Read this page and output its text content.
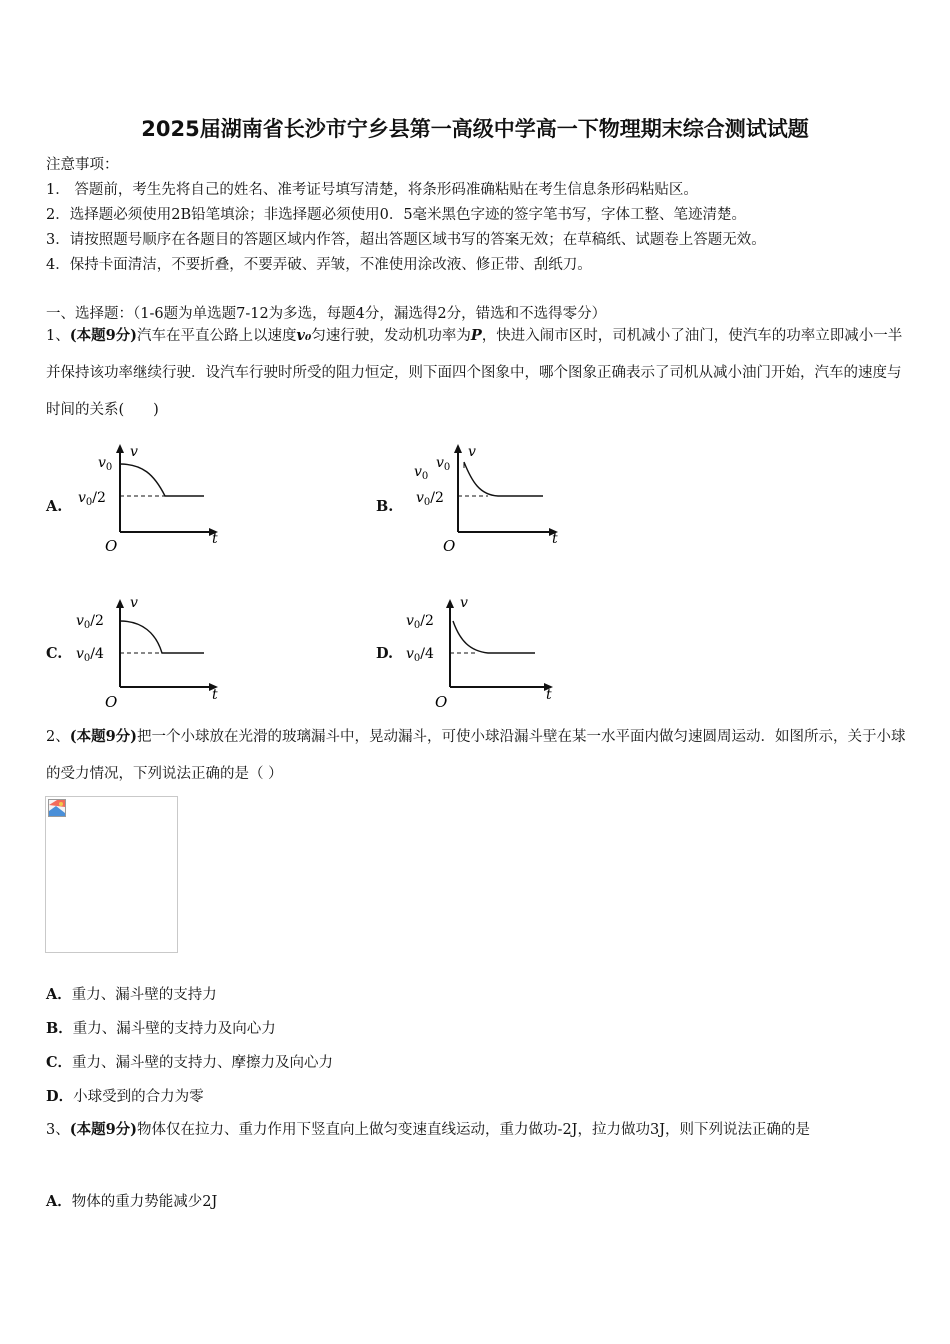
2025届湖南省长沙市宁乡县第一高级中学高一下物理期末综合测试试题
注意事项：
1． 答题前，考生先将自己的姓名、准考证号填写清楚，将条形码准确粘贴在考生信息条形码粘贴区。
2．选择题必须使用2B铅笔填涂；非选择题必须使用0．5毫米黑色字迹的签字笔书写，字体工整、笔迹清楚。
3．请按照题号顺序在各题目的答题区域内作答，超出答题区域书写的答案无效；在草稿纸、试题卷上答题无效。
4．保持卡面清洁，不要折叠，不要弄破、弄皱，不准使用涂改液、修正带、刮纸刀。
一、选择题：（1-6题为单选题7-12为多选，每题4分，漏选得2分，错选和不选得零分）
1、(本题9分)汽车在平直公路上以速度v₀匀速行驶，发动机功率为P，快进入闹市区时，司机减小了油门，使汽车的功率立即减小一半并保持该功率继续行驶．设汽车行驶时所受的阻力恒定，则下面四个图象中，哪个图象正确表示了司机从减小油门开始，汽车的速度与时间的关系(　　)
A.
$v_0$
$v_0/2$
v
t
O
B.
$v_0$
$v_0$
$v_0/2$
v
t
O
C.
$v_0/2$
$v_0/4$
v
t
O
D.
$v_0/2$
$v_0/4$
v
t
O
2、(本题9分)把一个小球放在光滑的玻璃漏斗中，晃动漏斗，可使小球沿漏斗壁在某一水平面内做匀速圆周运动．如图所示，关于小球的受力情况，下列说法正确的是（ ）
A．重力、漏斗壁的支持力
B．重力、漏斗壁的支持力及向心力
C．重力、漏斗壁的支持力、摩擦力及向心力
D．小球受到的合力为零
3、(本题9分)物体仅在拉力、重力作用下竖直向上做匀变速直线运动，重力做功-2J，拉力做功3J，则下列说法正确的是
A．物体的重力势能减少2J
